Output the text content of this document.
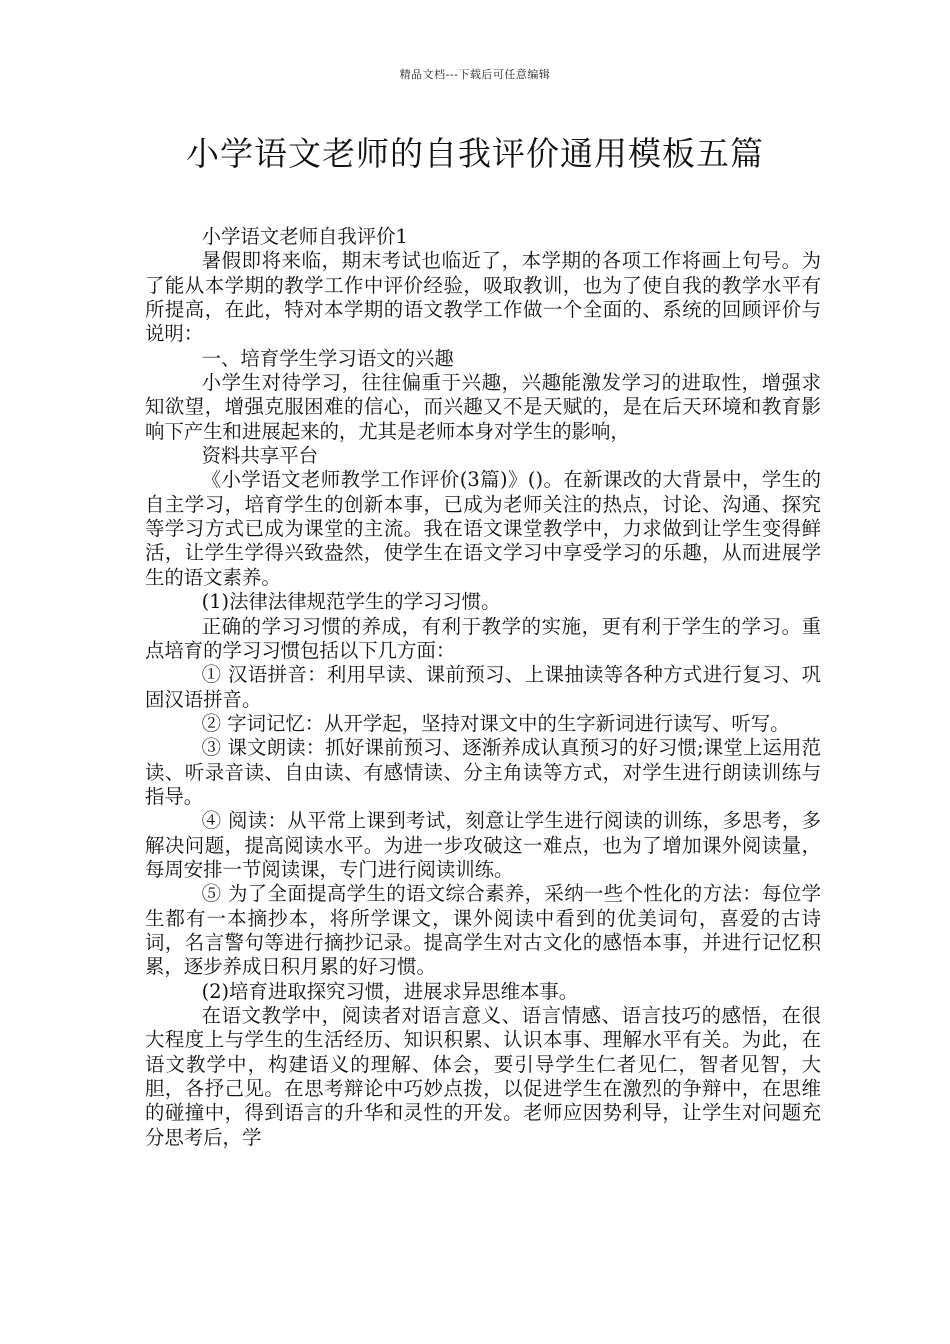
精品文档---下载后可任意编辑
小学语文老师的自我评价通用模板五篇

小学语文老师自我评价1

暑假即将来临，期末考试也临近了，本学期的各项工作将画上句号。为了能从本学期的教学工作中评价经验，吸取教训，也为了使自我的教学水平有所提高，在此，特对本学期的语文教学工作做一个全面的、系统的回顾评价与说明：

一、培育学生学习语文的兴趣

小学生对待学习，往往偏重于兴趣，兴趣能激发学习的进取性，增强求知欲望，增强克服困难的信心，而兴趣又不是天赋的，是在后天环境和教育影响下产生和进展起来的，尤其是老师本身对学生的影响，

资料共享平台

《小学语文老师教学工作评价(3篇)》()。在新课改的大背景中，学生的自主学习，培育学生的创新本事，已成为老师关注的热点，讨论、沟通、探究等学习方式已成为课堂的主流。我在语文课堂教学中，力求做到让学生变得鲜活，让学生学得兴致盎然，使学生在语文学习中享受学习的乐趣，从而进展学生的语文素养。

(1)法律法律规范学生的学习习惯。

正确的学习习惯的养成，有利于教学的实施，更有利于学生的学习。重点培育的学习习惯包括以下几方面：

① 汉语拼音：利用早读、课前预习、上课抽读等各种方式进行复习、巩固汉语拼音。

② 字词记忆：从开学起，坚持对课文中的生字新词进行读写、听写。

③ 课文朗读：抓好课前预习、逐渐养成认真预习的好习惯;课堂上运用范读、听录音读、自由读、有感情读、分主角读等方式，对学生进行朗读训练与指导。

④ 阅读：从平常上课到考试，刻意让学生进行阅读的训练，多思考，多解决问题，提高阅读水平。为进一步攻破这一难点，也为了增加课外阅读量，每周安排一节阅读课，专门进行阅读训练。

⑤ 为了全面提高学生的语文综合素养，采纳一些个性化的方法：每位学生都有一本摘抄本，将所学课文，课外阅读中看到的优美词句，喜爱的古诗词，名言警句等进行摘抄记录。提高学生对古文化的感悟本事，并进行记忆积累，逐步养成日积月累的好习惯。

(2)培育进取探究习惯，进展求异思维本事。

在语文教学中，阅读者对语言意义、语言情感、语言技巧的感悟，在很大程度上与学生的生活经历、知识积累、认识本事、理解水平有关。为此，在语文教学中，构建语义的理解、体会，要引导学生仁者见仁，智者见智，大胆，各抒己见。在思考辩论中巧妙点拨，以促进学生在激烈的争辩中，在思维的碰撞中，得到语言的升华和灵性的开发。老师应因势利导，让学生对问题充分思考后，学
